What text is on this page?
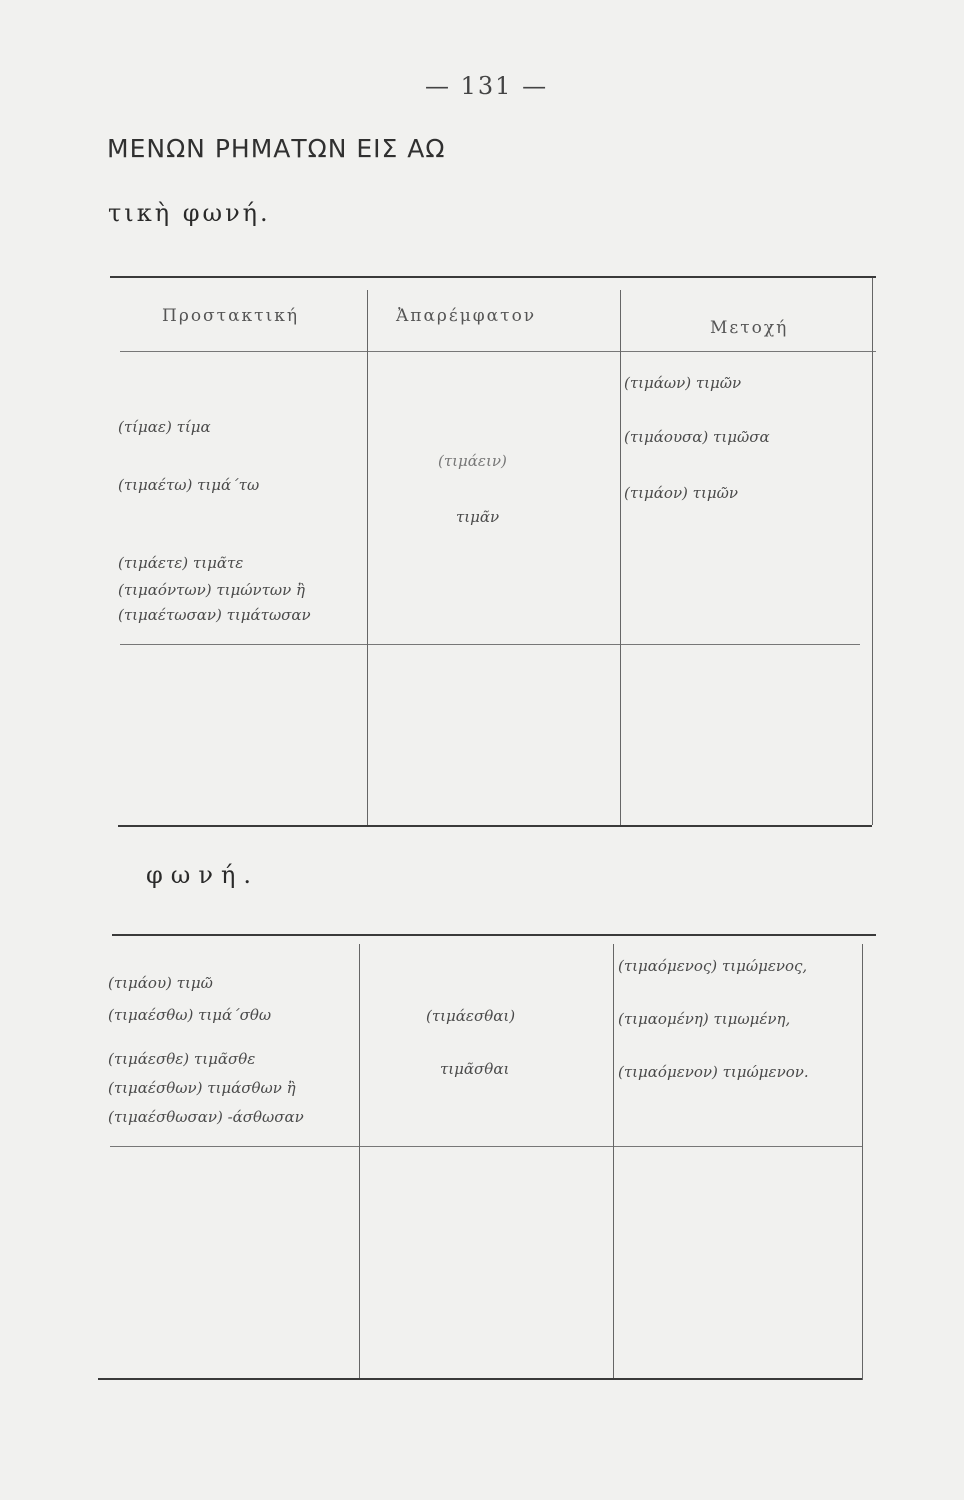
— 131 —
ΜΕΝΩΝ ΡΗΜΑΤΩΝ ΕΙΣ ΑΩ
τικὴ φωνή.
Προστακτική	Ἀπαρέμφατον
Μετοχή
(τίμαε) τίμα
(τιμαέτω) τιμά΄τω
(τιμάετε) τιμᾶτε
(τιμαόντων) τιμώντων ἢ
(τιμαέτωσαν) τιμάτωσαν
(τιμάειν)
τιμᾶν
(τιμάων) τιμῶν
(τιμάουσα) τιμῶσα
(τιμάον) τιμῶν
φωνή.
(τιμάου) τιμῶ
(τιμαέσθω) τιμά΄σθω
(τιμάεσθε) τιμᾶσθε
(τιμαέσθων) τιμάσθων ἢ
(τιμαέσθωσαν) -άσθωσαν
(τιμάεσθαι)
τιμᾶσθαι
(τιμαόμενος) τιμώμενος,
(τιμαομένη) τιμωμένη,
(τιμαόμενον) τιμώμενον.
